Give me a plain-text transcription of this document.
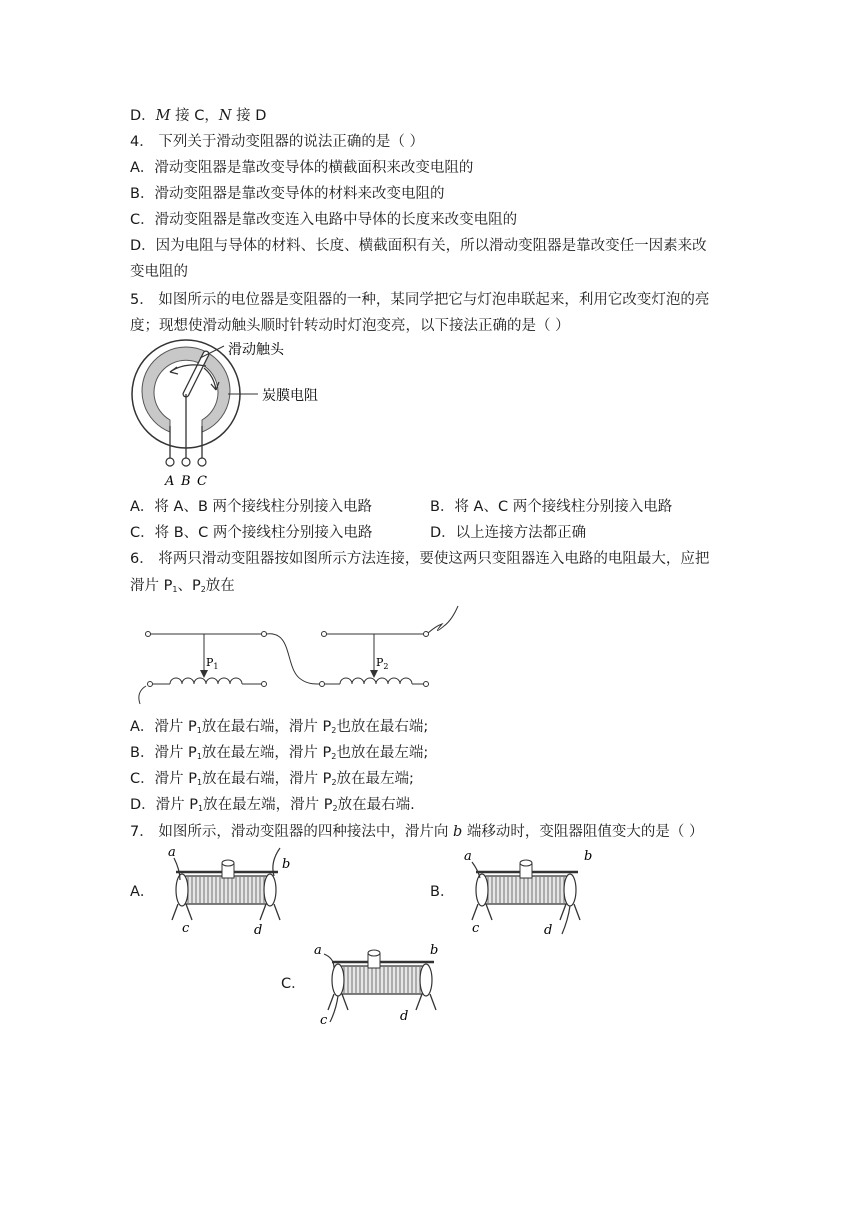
D．M 接 C，N 接 D
4． 下列关于滑动变阻器的说法正确的是（ ）
A．滑动变阻器是靠改变导体的横截面积来改变电阻的
B．滑动变阻器是靠改变导体的材料来改变电阻的
C．滑动变阻器是靠改变连入电路中导体的长度来改变电阻的
D．因为电阻与导体的材料、长度、横截面积有关，所以滑动变阻器是靠改变任一因素来改
变电阻的
5． 如图所示的电位器是变阻器的一种，某同学把它与灯泡串联起来，利用它改变灯泡的亮
度；现想使滑动触头顺时针转动时灯泡变亮，以下接法正确的是（ ）
滑动触头
炭膜电阻
A B C
A．将 A、B 两个接线柱分别接入电路	B．将 A、C 两个接线柱分别接入电路
C．将 B、C 两个接线柱分别接入电路	D．以上连接方法都正确
6． 将两只滑动变阻器按如图所示方法连接，要使这两只变阻器连入电路的电阻最大，应把
滑片 $P_1$、$P_2$放在
$P_1$	$P_2$
A．滑片 $P_1$放在最右端，滑片 $P_2$也放在最右端;
B．滑片 $P_1$放在最左端，滑片 $P_2$也放在最左端;
C．滑片 $P_1$放在最右端，滑片 $P_2$放在最左端;
D．滑片 $P_1$放在最左端，滑片 $P_2$放在最右端.
7． 如图所示，滑动变阻器的四种接法中，滑片向 b 端移动时，变阻器阻值变大的是（ ）
A．	B．
C．
a
b
c	d
a	b
c	d
a	b
c	d
